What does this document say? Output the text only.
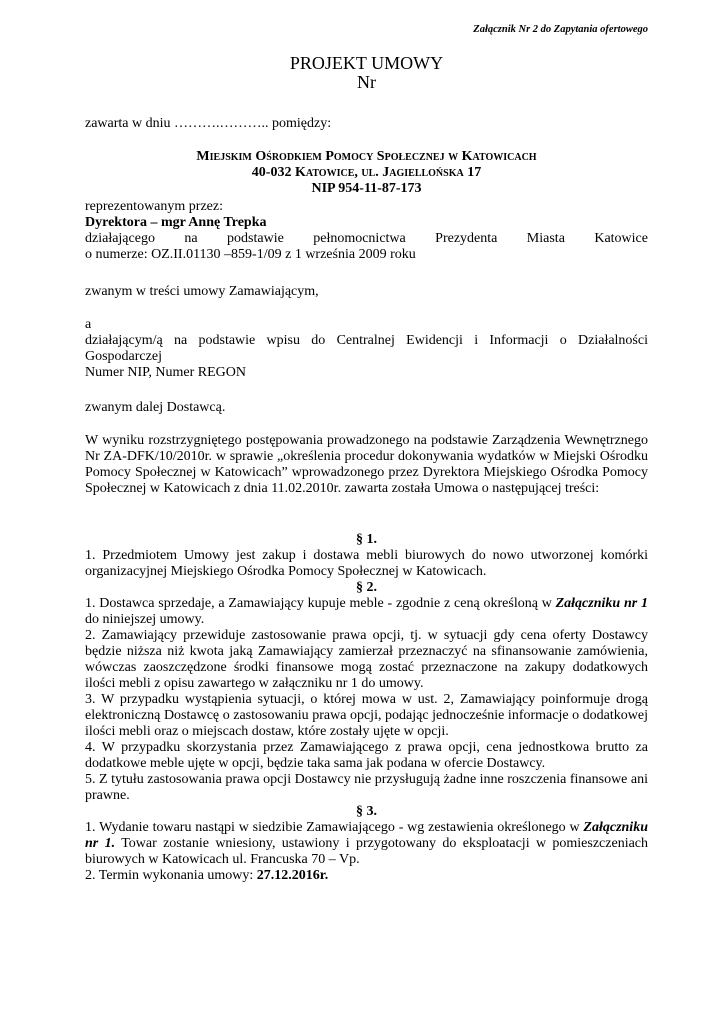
Załącznik Nr 2 do Zapytania ofertowego
PROJEKT UMOWY
Nr

zawarta w dniu ……….……….. pomiędzy:

Miejskim Ośrodkiem Pomocy Społecznej w Katowicach
40-032 Katowice, ul. Jagiellońska 17
NIP 954-11-87-173

reprezentowanym przez:

Dyrektora – mgr Annę Trepka

działającego na podstawie pełnomocnictwa Prezydenta Miasta Katowice

o numerze: OZ.II.01130 –859-1/09 z 1 września 2009 roku

zwanym w treści umowy Zamawiającym,

a

działającym/ą na podstawie wpisu do Centralnej Ewidencji i Informacji o Działalności Gospodarczej

Numer NIP, Numer REGON

zwanym dalej Dostawcą.

W wyniku rozstrzygniętego postępowania prowadzonego na podstawie Zarządzenia Wewnętrznego Nr ZA-DFK/10/2010r. w sprawie „określenia procedur dokonywania wydatków w Miejski Ośrodku Pomocy Społecznej w Katowicach” wprowadzonego przez Dyrektora Miejskiego Ośrodka Pomocy Społecznej w Katowicach z dnia 11.02.2010r. zawarta została Umowa o następującej treści:

§ 1.

1. Przedmiotem Umowy jest zakup i dostawa mebli biurowych do nowo utworzonej komórki organizacyjnej Miejskiego Ośrodka Pomocy Społecznej w Katowicach.

§ 2.

1. Dostawca sprzedaje, a Zamawiający kupuje meble - zgodnie z ceną określoną w Załączniku nr 1 do niniejszej umowy.

2. Zamawiający przewiduje zastosowanie prawa opcji, tj. w sytuacji gdy cena oferty Dostawcy będzie niższa niż kwota jaką Zamawiający zamierzał przeznaczyć na sfinansowanie zamówienia, wówczas zaoszczędzone środki finansowe mogą zostać przeznaczone na zakupy dodatkowych ilości mebli z opisu zawartego w załączniku nr 1 do umowy.

3. W przypadku wystąpienia sytuacji, o której mowa w ust. 2, Zamawiający poinformuje drogą elektroniczną Dostawcę o zastosowaniu prawa opcji, podając jednocześnie informacje o dodatkowej ilości mebli oraz o miejscach dostaw, które zostały ujęte w opcji.

4. W przypadku skorzystania przez Zamawiającego z prawa opcji, cena jednostkowa brutto za dodatkowe meble ujęte w opcji, będzie taka sama jak podana w ofercie Dostawcy.

5. Z tytułu zastosowania prawa opcji Dostawcy nie przysługują żadne inne roszczenia finansowe ani prawne.

§ 3.

1. Wydanie towaru nastąpi w siedzibie Zamawiającego - wg zestawienia określonego w Załączniku nr 1. Towar zostanie wniesiony, ustawiony i przygotowany do eksploatacji w pomieszczeniach biurowych w Katowicach ul. Francuska 70 – Vp.

2. Termin wykonania umowy: 27.12.2016r.
